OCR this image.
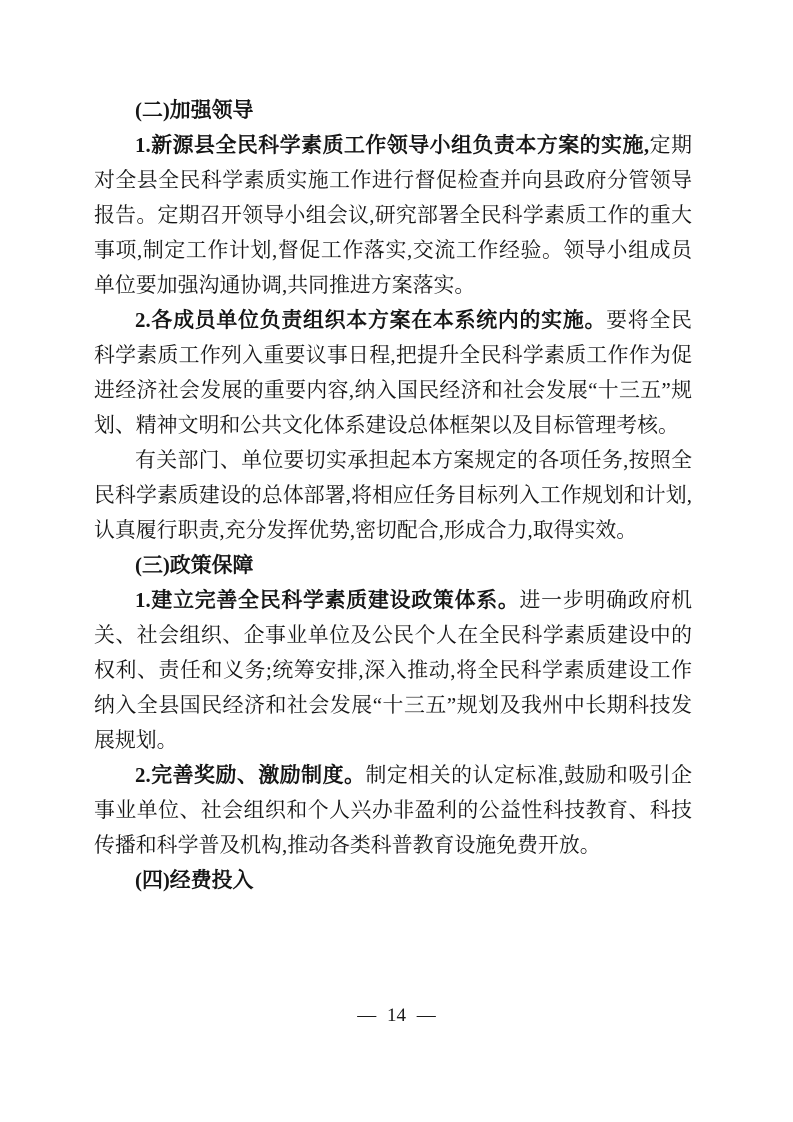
(二)加强领导

1.新源县全民科学素质工作领导小组负责本方案的实施,定期对全县全民科学素质实施工作进行督促检查并向县政府分管领导报告。定期召开领导小组会议,研究部署全民科学素质工作的重大事项,制定工作计划,督促工作落实,交流工作经验。领导小组成员单位要加强沟通协调,共同推进方案落实。

2.各成员单位负责组织本方案在本系统内的实施。要将全民科学素质工作列入重要议事日程,把提升全民科学素质工作作为促进经济社会发展的重要内容,纳入国民经济和社会发展“十三五”规划、精神文明和公共文化体系建设总体框架以及目标管理考核。

有关部门、单位要切实承担起本方案规定的各项任务,按照全民科学素质建设的总体部署,将相应任务目标列入工作规划和计划,认真履行职责,充分发挥优势,密切配合,形成合力,取得实效。

(三)政策保障

1.建立完善全民科学素质建设政策体系。进一步明确政府机关、社会组织、企事业单位及公民个人在全民科学素质建设中的权利、责任和义务;统筹安排,深入推动,将全民科学素质建设工作纳入全县国民经济和社会发展“十三五”规划及我州中长期科技发展规划。

2.完善奖励、激励制度。制定相关的认定标准,鼓励和吸引企事业单位、社会组织和个人兴办非盈利的公益性科技教育、科技传播和科学普及机构,推动各类科普教育设施免费开放。

(四)经费投入
— 14 —
